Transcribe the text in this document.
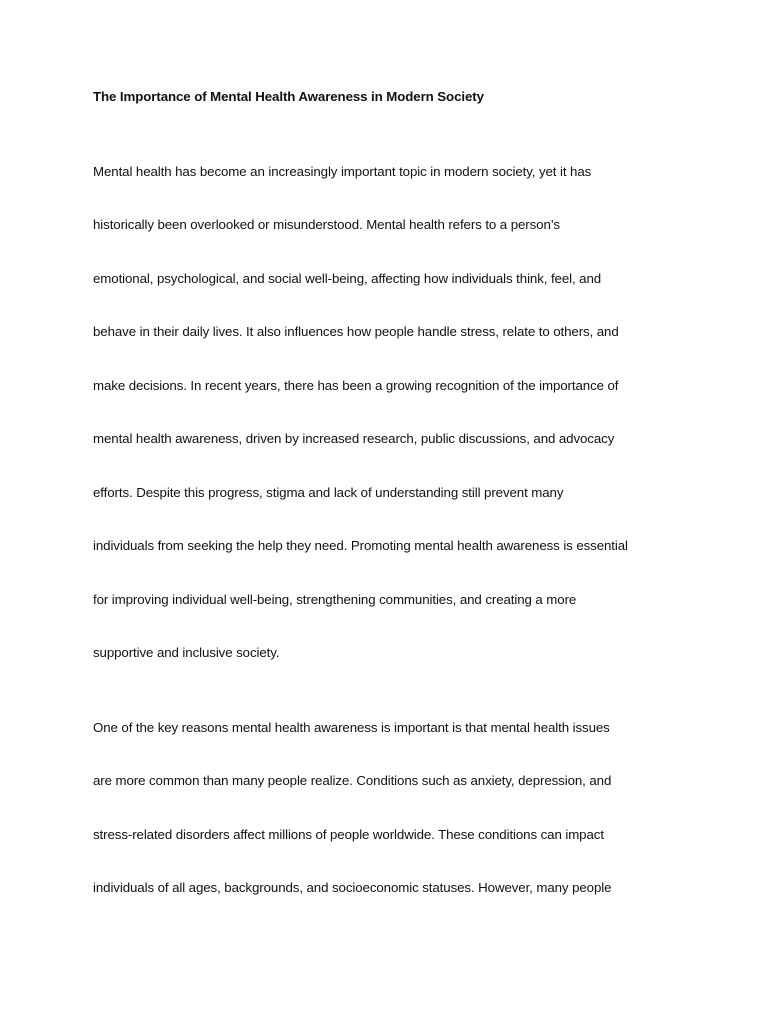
The Importance of Mental Health Awareness in Modern Society
Mental health has become an increasingly important topic in modern society, yet it has
historically been overlooked or misunderstood. Mental health refers to a person’s
emotional, psychological, and social well-being, affecting how individuals think, feel, and
behave in their daily lives. It also influences how people handle stress, relate to others, and
make decisions. In recent years, there has been a growing recognition of the importance of
mental health awareness, driven by increased research, public discussions, and advocacy
efforts. Despite this progress, stigma and lack of understanding still prevent many
individuals from seeking the help they need. Promoting mental health awareness is essential
for improving individual well-being, strengthening communities, and creating a more
supportive and inclusive society.
One of the key reasons mental health awareness is important is that mental health issues
are more common than many people realize. Conditions such as anxiety, depression, and
stress-related disorders affect millions of people worldwide. These conditions can impact
individuals of all ages, backgrounds, and socioeconomic statuses. However, many people
